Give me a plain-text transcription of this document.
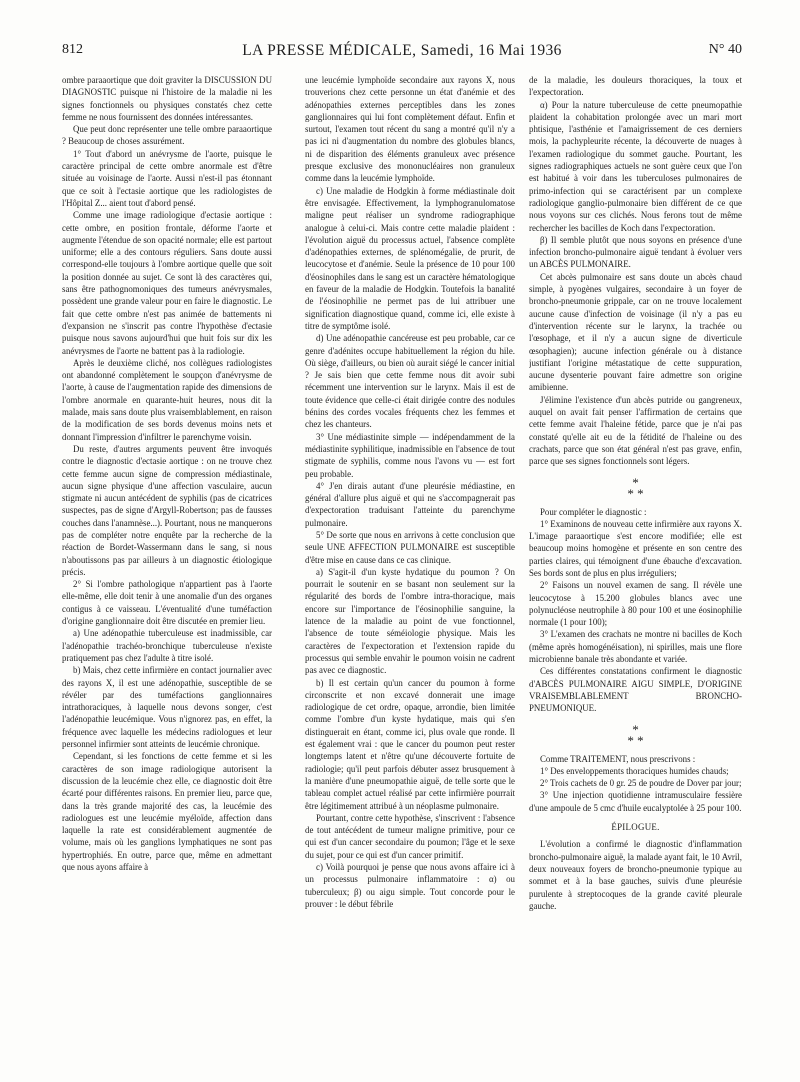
812	LA PRESSE MÉDICALE, Samedi, 16 Mai 1936	N° 40

ombre paraaortique que doit graviter la DISCUSSION DU DIAGNOSTIC puisque ni l'histoire de la maladie ni les signes fonctionnels ou physiques constatés chez cette femme ne nous fournissent des données intéressantes.

Que peut donc représenter une telle ombre paraaortique ? Beaucoup de choses assurément.

1° Tout d'abord un anévrysme de l'aorte, puisque le caractère principal de cette ombre anormale est d'être située au voisinage de l'aorte. Aussi n'est-il pas étonnant que ce soit à l'ectasie aortique que les radiologistes de l'Hôpital Z... aient tout d'abord pensé.

Comme une image radiologique d'ectasie aortique : cette ombre, en position frontale, déforme l'aorte et augmente l'étendue de son opacité normale; elle est partout uniforme; elle a des contours réguliers. Sans doute aussi correspond-elle toujours à l'ombre aortique quelle que soit la position donnée au sujet. Ce sont là des caractères qui, sans être pathognomoniques des tumeurs anévrysmales, possèdent une grande valeur pour en faire le diagnostic. Le fait que cette ombre n'est pas animée de battements ni d'expansion ne s'inscrit pas contre l'hypothèse d'ectasie puisque nous savons aujourd'hui que huit fois sur dix les anévrysmes de l'aorte ne battent pas à la radiologie.

Après le deuxième cliché, nos collègues radiologistes ont abandonné complètement le soupçon d'anévrysme de l'aorte, à cause de l'augmentation rapide des dimensions de l'ombre anormale en quarante-huit heures, nous dit la malade, mais sans doute plus vraisemblablement, en raison de la modification de ses bords devenus moins nets et donnant l'impression d'infiltrer le parenchyme voisin.

Du reste, d'autres arguments peuvent être invoqués contre le diagnostic d'ectasie aortique : on ne trouve chez cette femme aucun signe de compression médiastinale, aucun signe physique d'une affection vasculaire, aucun stigmate ni aucun antécédent de syphilis (pas de cicatrices suspectes, pas de signe d'Argyll-Robertson; pas de fausses couches dans l'anamnèse...). Pourtant, nous ne manquerons pas de compléter notre enquête par la recherche de la réaction de Bordet-Wassermann dans le sang, si nous n'aboutissons pas par ailleurs à un diagnostic étiologique précis.

2° Si l'ombre pathologique n'appartient pas à l'aorte elle-même, elle doit tenir à une anomalie d'un des organes contigus à ce vaisseau. L'éventualité d'une tuméfaction d'origine ganglionnaire doit être discutée en premier lieu.

a) Une adénopathie tuberculeuse est inadmissible, car l'adénopathie trachéo-bronchique tuberculeuse n'existe pratiquement pas chez l'adulte à titre isolé.

b) Mais, chez cette infirmière en contact journalier avec des rayons X, il est une adénopathie, susceptible de se révéler par des tuméfactions ganglionnaires intrathoraciques, à laquelle nous devons songer, c'est l'adénopathie leucémique. Vous n'ignorez pas, en effet, la fréquence avec laquelle les médecins radiologues et leur personnel infirmier sont atteints de leucémie chronique.

Cependant, si les fonctions de cette femme et si les caractères de son image radiologique autorisent la discussion de la leucémie chez elle, ce diagnostic doit être écarté pour différentes raisons. En premier lieu, parce que, dans la très grande majorité des cas, la leucémie des radiologues est une leucémie myéloïde, affection dans laquelle la rate est considérablement augmentée de volume, mais où les ganglions lymphatiques ne sont pas hypertrophiés. En outre, parce que, même en admettant que nous ayons affaire à

une leucémie lymphoïde secondaire aux rayons X, nous trouverions chez cette personne un état d'anémie et des adénopathies externes perceptibles dans les zones ganglionnaires qui lui font complètement défaut. Enfin et surtout, l'examen tout récent du sang a montré qu'il n'y a pas ici ni d'augmentation du nombre des globules blancs, ni de disparition des éléments granuleux avec présence presque exclusive des mononucléaires non granuleux comme dans la leucémie lymphoïde.

c) Une maladie de Hodgkin à forme médiastinale doit être envisagée. Effectivement, la lymphogranulomatose maligne peut réaliser un syndrome radiographique analogue à celui-ci. Mais contre cette maladie plaident : l'évolution aiguë du processus actuel, l'absence complète d'adénopathies externes, de splénomégalie, de prurit, de leucocytose et d'anémie. Seule la présence de 10 pour 100 d'éosinophiles dans le sang est un caractère hématologique en faveur de la maladie de Hodgkin. Toutefois la banalité de l'éosinophilie ne permet pas de lui attribuer une signification diagnostique quand, comme ici, elle existe à titre de symptôme isolé.

d) Une adénopathie cancéreuse est peu probable, car ce genre d'adénites occupe habituellement la région du hile. Où siège, d'ailleurs, ou bien où aurait siégé le cancer initial ? Je sais bien que cette femme nous dit avoir subi récemment une intervention sur le larynx. Mais il est de toute évidence que celle-ci était dirigée contre des nodules bénins des cordes vocales fréquents chez les femmes et chez les chanteurs.

3° Une médiastinite simple — indépendamment de la médiastinite syphilitique, inadmissible en l'absence de tout stigmate de syphilis, comme nous l'avons vu — est fort peu probable.

4° J'en dirais autant d'une pleurésie médiastine, en général d'allure plus aiguë et qui ne s'accompagnerait pas d'expectoration traduisant l'atteinte du parenchyme pulmonaire.

5° De sorte que nous en arrivons à cette conclusion que seule UNE AFFECTION PULMONAIRE est susceptible d'être mise en cause dans ce cas clinique.

a) S'agit-il d'un kyste hydatique du poumon ? On pourrait le soutenir en se basant non seulement sur la régularité des bords de l'ombre intra-thoracique, mais encore sur l'importance de l'éosinophilie sanguine, la latence de la maladie au point de vue fonctionnel, l'absence de toute séméiologie physique. Mais les caractères de l'expectoration et l'extension rapide du processus qui semble envahir le poumon voisin ne cadrent pas avec ce diagnostic.

b) Il est certain qu'un cancer du poumon à forme circonscrite et non excavé donnerait une image radiologique de cet ordre, opaque, arrondie, bien limitée comme l'ombre d'un kyste hydatique, mais qui s'en distinguerait en étant, comme ici, plus ovale que ronde. Il est également vrai : que le cancer du poumon peut rester longtemps latent et n'être qu'une découverte fortuite de radiologie; qu'il peut parfois débuter assez brusquement à la manière d'une pneumopathie aiguë, de telle sorte que le tableau complet actuel réalisé par cette infirmière pourrait être légitimement attribué à un néoplasme pulmonaire.

Pourtant, contre cette hypothèse, s'inscrivent : l'absence de tout antécédent de tumeur maligne primitive, pour ce qui est d'un cancer secondaire du poumon; l'âge et le sexe du sujet, pour ce qui est d'un cancer primitif.

c) Voilà pourquoi je pense que nous avons affaire ici à un processus pulmonaire inflammatoire : α) ou tuberculeux; β) ou aigu simple. Tout concorde pour le prouver : le début fébrile

de la maladie, les douleurs thoraciques, la toux et l'expectoration.

α) Pour la nature tuberculeuse de cette pneumopathie plaident la cohabitation prolongée avec un mari mort phtisique, l'asthénie et l'amaigrissement de ces derniers mois, la pachypleurite récente, la découverte de nuages à l'examen radiologique du sommet gauche. Pourtant, les signes radiographiques actuels ne sont guère ceux que l'on est habitué à voir dans les tuberculoses pulmonaires de primo-infection qui se caractérisent par un complexe radiologique ganglio-pulmonaire bien différent de ce que nous voyons sur ces clichés. Nous ferons tout de même rechercher les bacilles de Koch dans l'expectoration.

β) Il semble plutôt que nous soyons en présence d'une infection broncho-pulmonaire aiguë tendant à évoluer vers un ABCÈS PULMONAIRE.

Cet abcès pulmonaire est sans doute un abcès chaud simple, à pyogènes vulgaires, secondaire à un foyer de broncho-pneumonie grippale, car on ne trouve localement aucune cause d'infection de voisinage (il n'y a pas eu d'intervention récente sur le larynx, la trachée ou l'œsophage, et il n'y a aucun signe de diverticule œsophagien); aucune infection générale ou à distance justifiant l'origine métastatique de cette suppuration, aucune dysenterie pouvant faire admettre son origine amibienne.

J'élimine l'existence d'un abcès putride ou gangreneux, auquel on avait fait penser l'affirmation de certains que cette femme avait l'haleine fétide, parce que je n'ai pas constaté qu'elle ait eu de la fétidité de l'haleine ou des crachats, parce que son état général n'est pas grave, enfin, parce que ses signes fonctionnels sont légers.

*
* *

Pour compléter le diagnostic :

1° Examinons de nouveau cette infirmière aux rayons X. L'image paraaortique s'est encore modifiée; elle est beaucoup moins homogène et présente en son centre des parties claires, qui témoignent d'une ébauche d'excavation. Ses bords sont de plus en plus irréguliers;

2° Faisons un nouvel examen de sang. Il révèle une leucocytose à 15.200 globules blancs avec une polynucléose neutrophile à 80 pour 100 et une éosinophilie normale (1 pour 100);

3° L'examen des crachats ne montre ni bacilles de Koch (même après homogénéisation), ni spirilles, mais une flore microbienne banale très abondante et variée.

Ces différentes constatations confirment le diagnostic d'ABCÈS PULMONAIRE AIGU SIMPLE, D'ORIGINE VRAISEMBLABLEMENT BRONCHO-PNEUMONIQUE.

*
* *

Comme TRAITEMENT, nous prescrivons :

1° Des enveloppements thoraciques humides chauds;

2° Trois cachets de 0 gr. 25 de poudre de Dover par jour;

3° Une injection quotidienne intramusculaire fessière d'une ampoule de 5 cmc d'huile eucalyptolée à 25 pour 100.

ÉPILOGUE.

L'évolution a confirmé le diagnostic d'inflammation broncho-pulmonaire aiguë, la malade ayant fait, le 10 Avril, deux nouveaux foyers de broncho-pneumonie typique au sommet et à la base gauches, suivis d'une pleurésie purulente à streptocoques de la grande cavité pleurale gauche.
